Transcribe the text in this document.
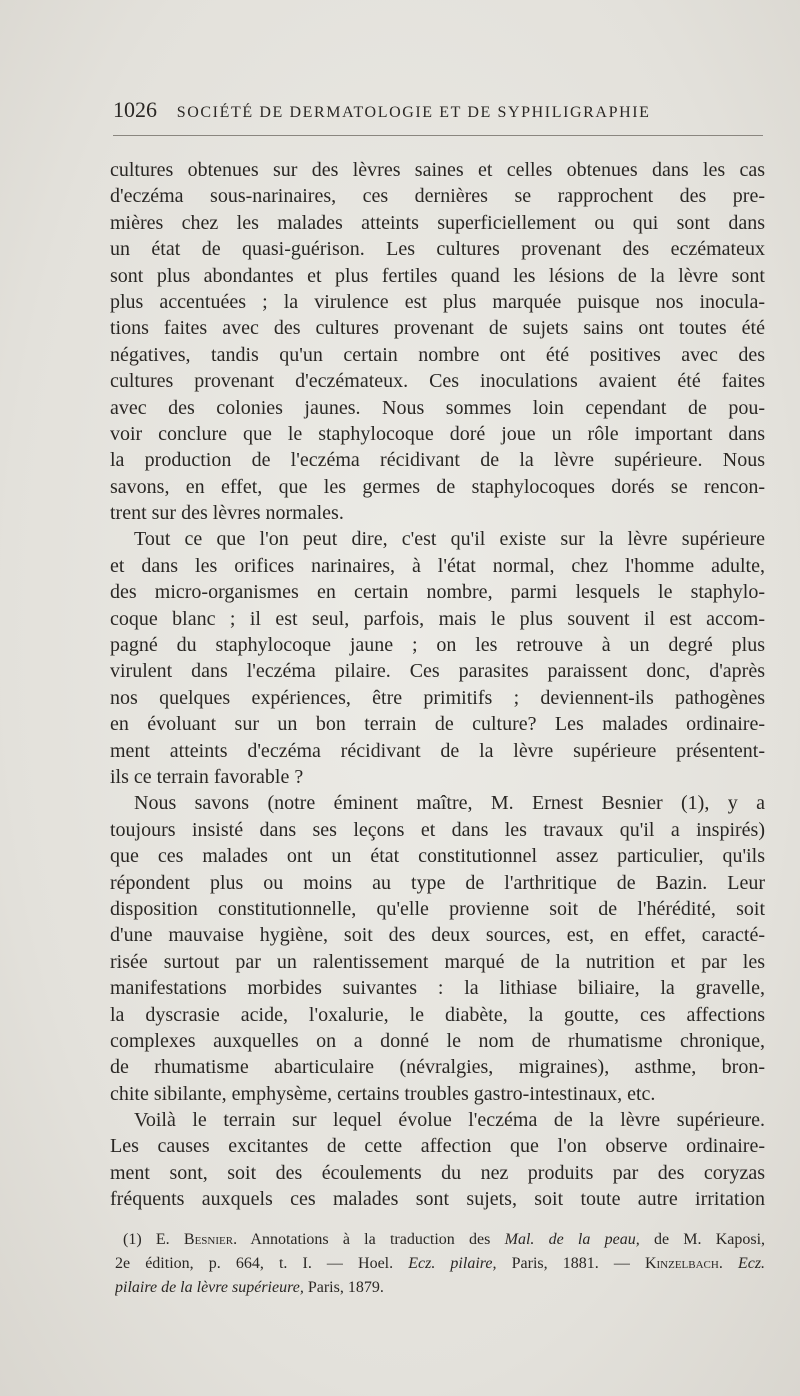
1026 SOCIÉTÉ DE DERMATOLOGIE ET DE SYPHILIGRAPHIE
cultures obtenues sur des lèvres saines et celles obtenues dans les cas
d'eczéma sous-narinaires, ces dernières se rapprochent des pre-
mières chez les malades atteints superficiellement ou qui sont dans
un état de quasi-guérison. Les cultures provenant des eczémateux
sont plus abondantes et plus fertiles quand les lésions de la lèvre sont
plus accentuées ; la virulence est plus marquée puisque nos inocula-
tions faites avec des cultures provenant de sujets sains ont toutes été
négatives, tandis qu'un certain nombre ont été positives avec des
cultures provenant d'eczémateux. Ces inoculations avaient été faites
avec des colonies jaunes. Nous sommes loin cependant de pou-
voir conclure que le staphylocoque doré joue un rôle important dans
la production de l'eczéma récidivant de la lèvre supérieure. Nous
savons, en effet, que les germes de staphylocoques dorés se rencon-
trent sur des lèvres normales.
Tout ce que l'on peut dire, c'est qu'il existe sur la lèvre supérieure
et dans les orifices narinaires, à l'état normal, chez l'homme adulte,
des micro-organismes en certain nombre, parmi lesquels le staphylo-
coque blanc ; il est seul, parfois, mais le plus souvent il est accom-
pagné du staphylocoque jaune ; on les retrouve à un degré plus
virulent dans l'eczéma pilaire. Ces parasites paraissent donc, d'après
nos quelques expériences, être primitifs ; deviennent-ils pathogènes
en évoluant sur un bon terrain de culture? Les malades ordinaire-
ment atteints d'eczéma récidivant de la lèvre supérieure présentent-
ils ce terrain favorable ?
Nous savons (notre éminent maître, M. Ernest Besnier (1), y a
toujours insisté dans ses leçons et dans les travaux qu'il a inspirés)
que ces malades ont un état constitutionnel assez particulier, qu'ils
répondent plus ou moins au type de l'arthritique de Bazin. Leur
disposition constitutionnelle, qu'elle provienne soit de l'hérédité, soit
d'une mauvaise hygiène, soit des deux sources, est, en effet, caracté-
risée surtout par un ralentissement marqué de la nutrition et par les
manifestations morbides suivantes : la lithiase biliaire, la gravelle,
la dyscrasie acide, l'oxalurie, le diabète, la goutte, ces affections
complexes auxquelles on a donné le nom de rhumatisme chronique,
de rhumatisme abarticulaire (névralgies, migraines), asthme, bron-
chite sibilante, emphysème, certains troubles gastro-intestinaux, etc.
Voilà le terrain sur lequel évolue l'eczéma de la lèvre supérieure.
Les causes excitantes de cette affection que l'on observe ordinaire-
ment sont, soit des écoulements du nez produits par des coryzas
fréquents auxquels ces malades sont sujets, soit toute autre irritation
(1) E. Besnier. Annotations à la traduction des Mal. de la peau, de M. Kaposi,
2e édition, p. 664, t. I. — Hoel. Ecz. pilaire, Paris, 1881. — Kinzelbach. Ecz.
pilaire de la lèvre supérieure, Paris, 1879.
